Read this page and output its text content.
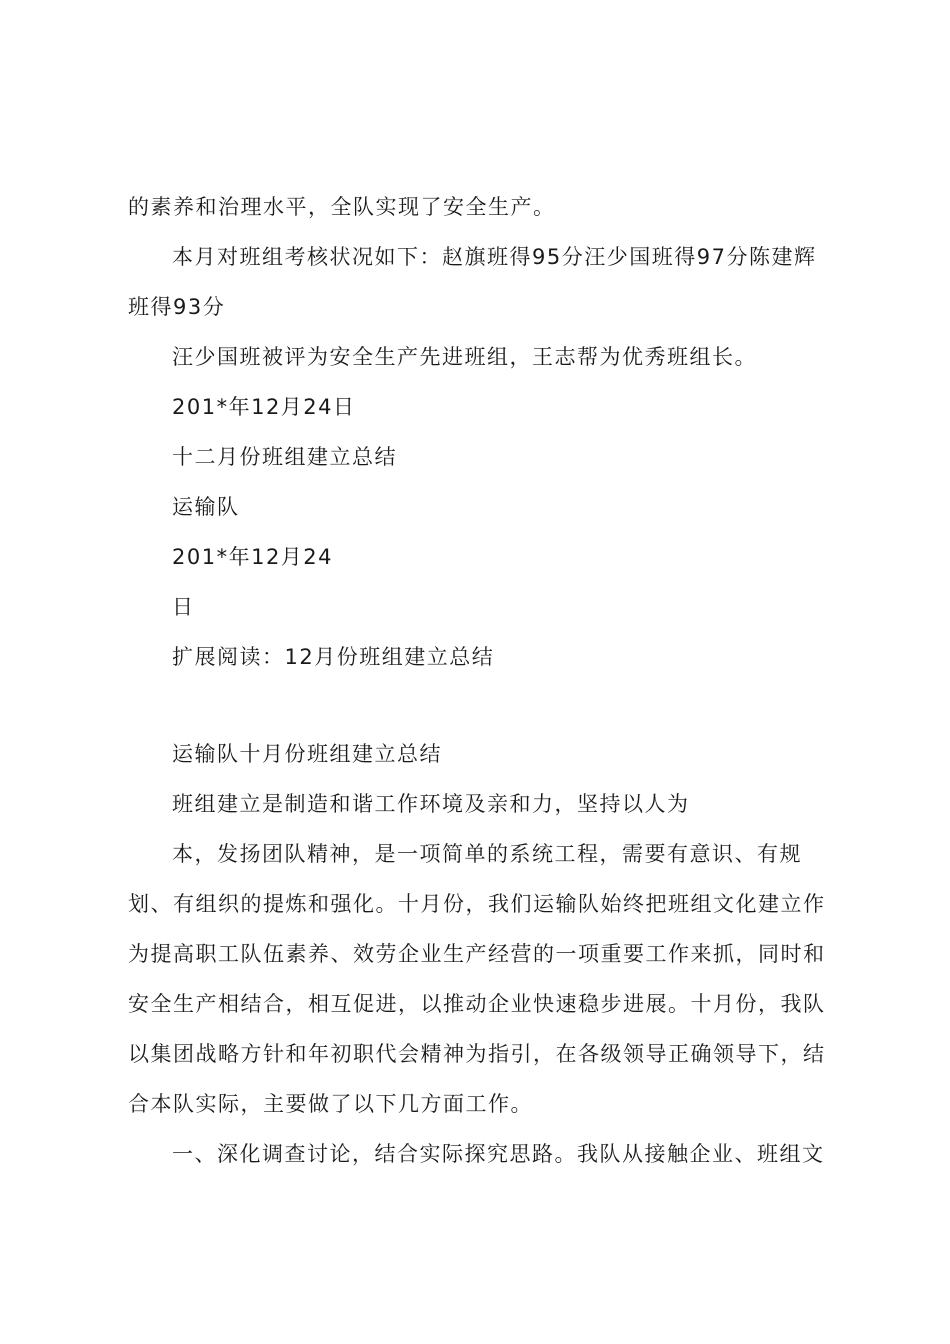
的素养和治理水平，全队实现了安全生产。
本月对班组考核状况如下：赵旗班得95分汪少国班得97分陈建辉
班得93分
汪少国班被评为安全生产先进班组，王志帮为优秀班组长。
201*年12月24日
十二月份班组建立总结
运输队
201*年12月24
日
扩展阅读：12月份班组建立总结
运输队十月份班组建立总结
班组建立是制造和谐工作环境及亲和力，坚持以人为
本，发扬团队精神，是一项简单的系统工程，需要有意识、有规
划、有组织的提炼和强化。十月份，我们运输队始终把班组文化建立作
为提高职工队伍素养、效劳企业生产经营的一项重要工作来抓，同时和
安全生产相结合，相互促进，以推动企业快速稳步进展。十月份，我队
以集团战略方针和年初职代会精神为指引，在各级领导正确领导下，结
合本队实际，主要做了以下几方面工作。
一、深化调查讨论，结合实际探究思路。我队从接触企业、班组文
